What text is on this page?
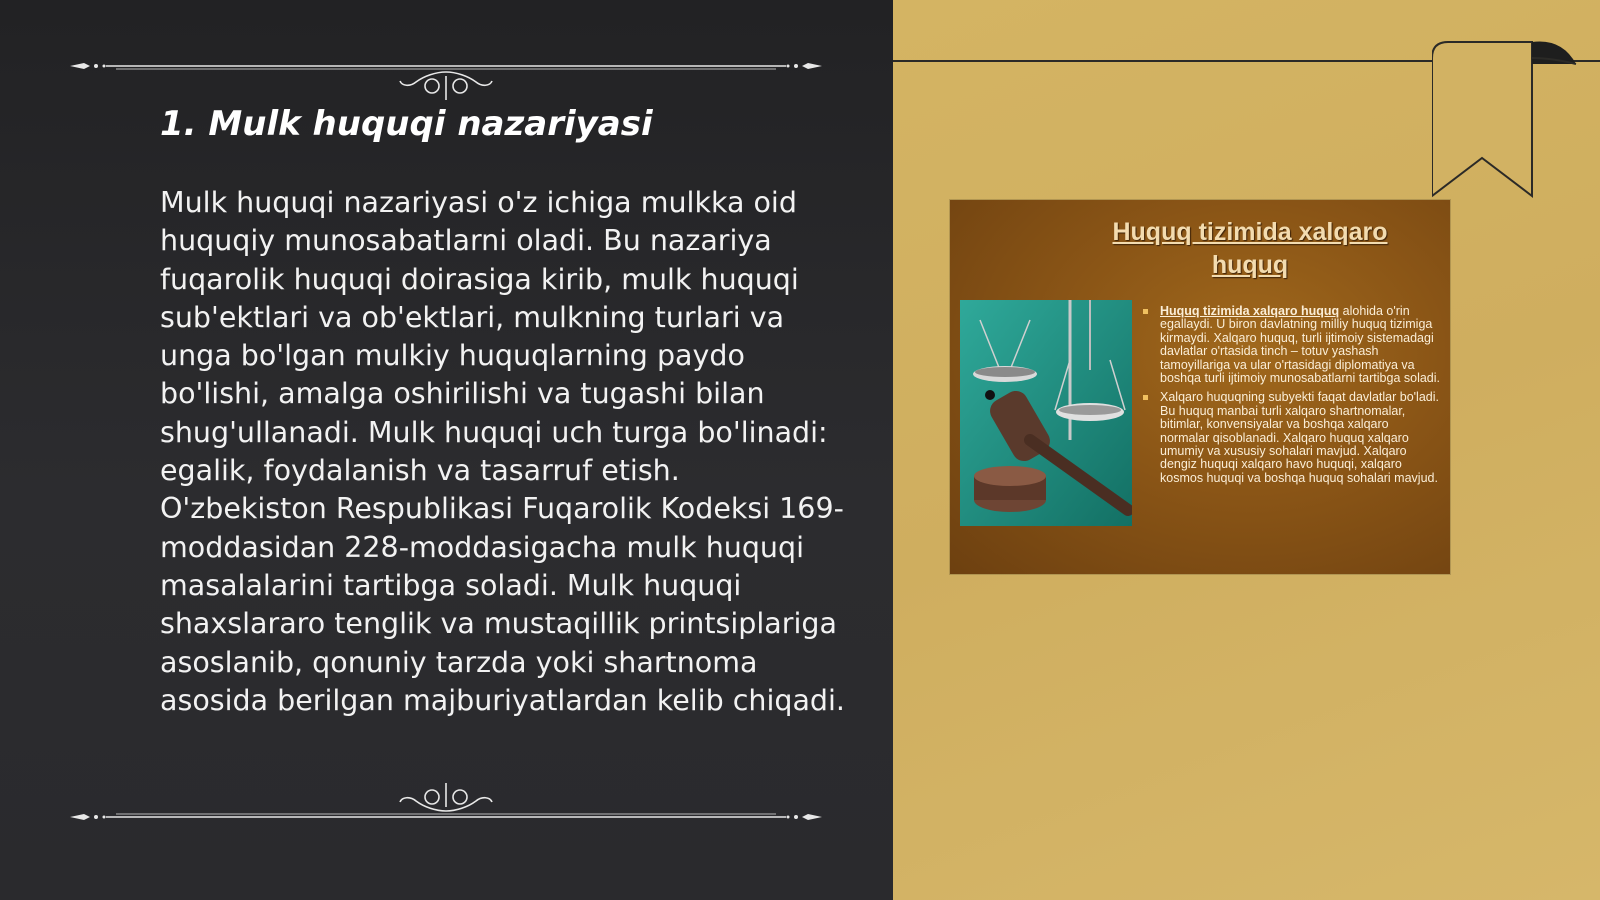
1. Mulk huquqi nazariyasi

Mulk huquqi nazariyasi o'z ichiga mulkka oid huquqiy munosabatlarni oladi. Bu nazariya fuqarolik huquqi doirasiga kirib, mulk huquqi sub'ektlari va ob'ektlari, mulkning turlari va unga bo'lgan mulkiy huquqlarning paydo bo'lishi, amalga oshirilishi va tugashi bilan shug'ullanadi. Mulk huquqi uch turga bo'linadi: egalik, foydalanish va tasarruf etish. O'zbekiston Respublikasi Fuqarolik Kodeksi 169-moddasidan 228-moddasigacha mulk huquqi masalalarini tartibga soladi. Mulk huquqi shaxslararo tenglik va mustaqillik printsiplariga asoslanib, qonuniy tarzda yoki shartnoma asosida berilgan majburiyatlardan kelib chiqadi.

Huquq tizimida xalqaro huquq
Huquq tizimida xalqaro huquq alohida o'rin egallaydi. U biron davlatning milliy huquq tizimiga kirmaydi. Xalqaro huquq, turli ijtimoiy sistemadagi davlatlar o'rtasida tinch – totuv yashash tamoyillariga va ular o'rtasidagi diplomatiya va boshqa turli ijtimoiy munosabatlarni tartibga soladi.
Xalqaro huquqning subyekti faqat davlatlar bo'ladi. Bu huquq manbai turli xalqaro shartnomalar, bitimlar, konvensiyalar va boshqa xalqaro normalar qisoblanadi. Xalqaro huquq xalqaro umumiy va xususiy sohalari mavjud. Xalqaro dengiz huquqi xalqaro havo huquqi, xalqaro kosmos huquqi va boshqa huquq sohalari mavjud.
